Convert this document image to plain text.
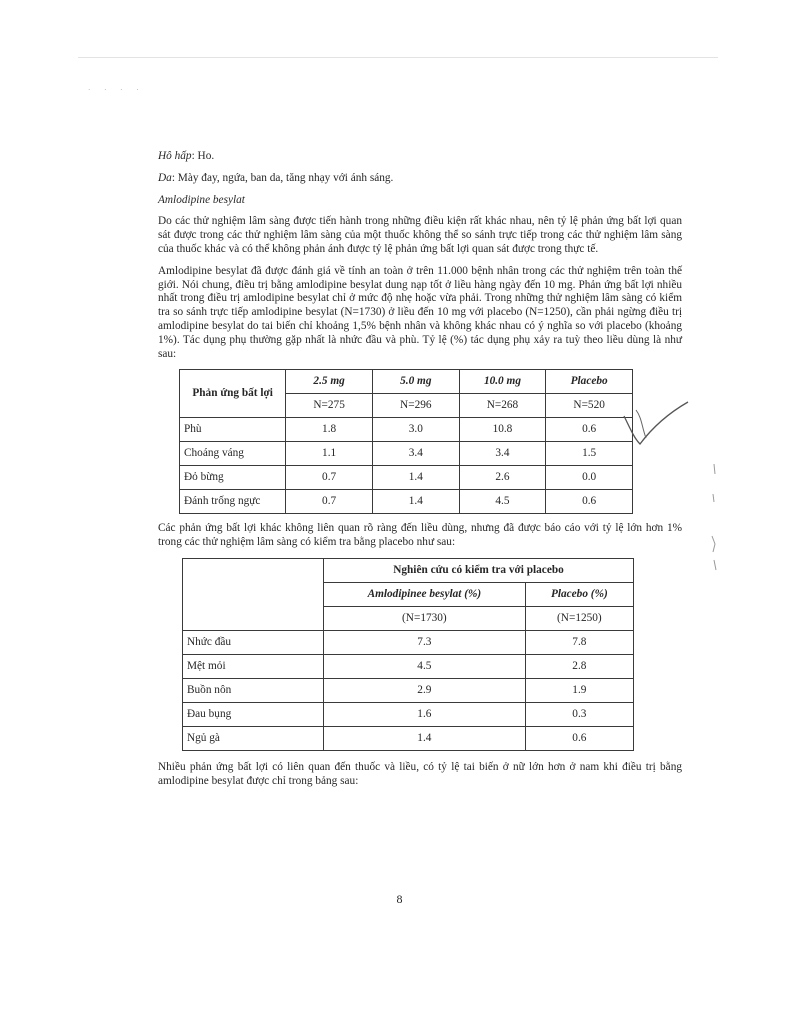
· · · ·

Hô hấp: Ho.

Da: Mày đay, ngứa, ban da, tăng nhạy với ánh sáng.

Amlodipine besylat

Do các thử nghiệm lâm sàng được tiến hành trong những điều kiện rất khác nhau, nên tỷ lệ phản ứng bất lợi quan sát được trong các thử nghiệm lâm sàng của một thuốc không thể so sánh trực tiếp trong các thử nghiệm lâm sàng của thuốc khác và có thể không phản ánh được tỷ lệ phản ứng bất lợi quan sát được trong thực tế.

Amlodipine besylat đã được đánh giá về tính an toàn ở trên 11.000 bệnh nhân trong các thử nghiệm trên toàn thế giới. Nói chung, điều trị bằng amlodipine besylat dung nạp tốt ở liều hàng ngày đến 10 mg. Phản ứng bất lợi nhiều nhất trong điều trị amlodipine besylat chỉ ở mức độ nhẹ hoặc vừa phải. Trong những thử nghiệm lâm sàng có kiểm tra so sánh trực tiếp amlodipine besylat (N=1730) ở liều đến 10 mg với placebo (N=1250), cần phải ngừng điều trị amlodipine besylat do tai biến chỉ khoảng 1,5% bệnh nhân và không khác nhau có ý nghĩa so với placebo (khoảng 1%). Tác dụng phụ thường gặp nhất là nhức đầu và phù. Tỷ lệ (%) tác dụng phụ xảy ra tuỳ theo liều dùng là như sau:

Phản ứng bất lợi	2.5 mg	5.0 mg	10.0 mg	Placebo
	N=275	N=296	N=268	N=520
Phù	1.8	3.0	10.8	0.6
Choáng váng	1.1	3.4	3.4	1.5
Đỏ bừng	0.7	1.4	2.6	0.0
Đánh trống ngực	0.7	1.4	4.5	0.6

Các phản ứng bất lợi khác không liên quan rõ ràng đến liều dùng, nhưng đã được báo cáo với tỷ lệ lớn hơn 1% trong các thử nghiệm lâm sàng có kiểm tra bằng placebo như sau:

	Nghiên cứu có kiểm tra với placebo	
	Amlodipinee besylat (%)	Placebo (%)
	(N=1730)	(N=1250)
Nhức đầu	7.3	7.8
Mệt mỏi	4.5	2.8
Buồn nôn	2.9	1.9
Đau bụng	1.6	0.3
Ngủ gà	1.4	0.6

Nhiều phản ứng bất lợi có liên quan đến thuốc và liều, có tỷ lệ tai biến ở nữ lớn hơn ở nam khi điều trị bằng amlodipine besylat được chỉ trong bảng sau:

8
